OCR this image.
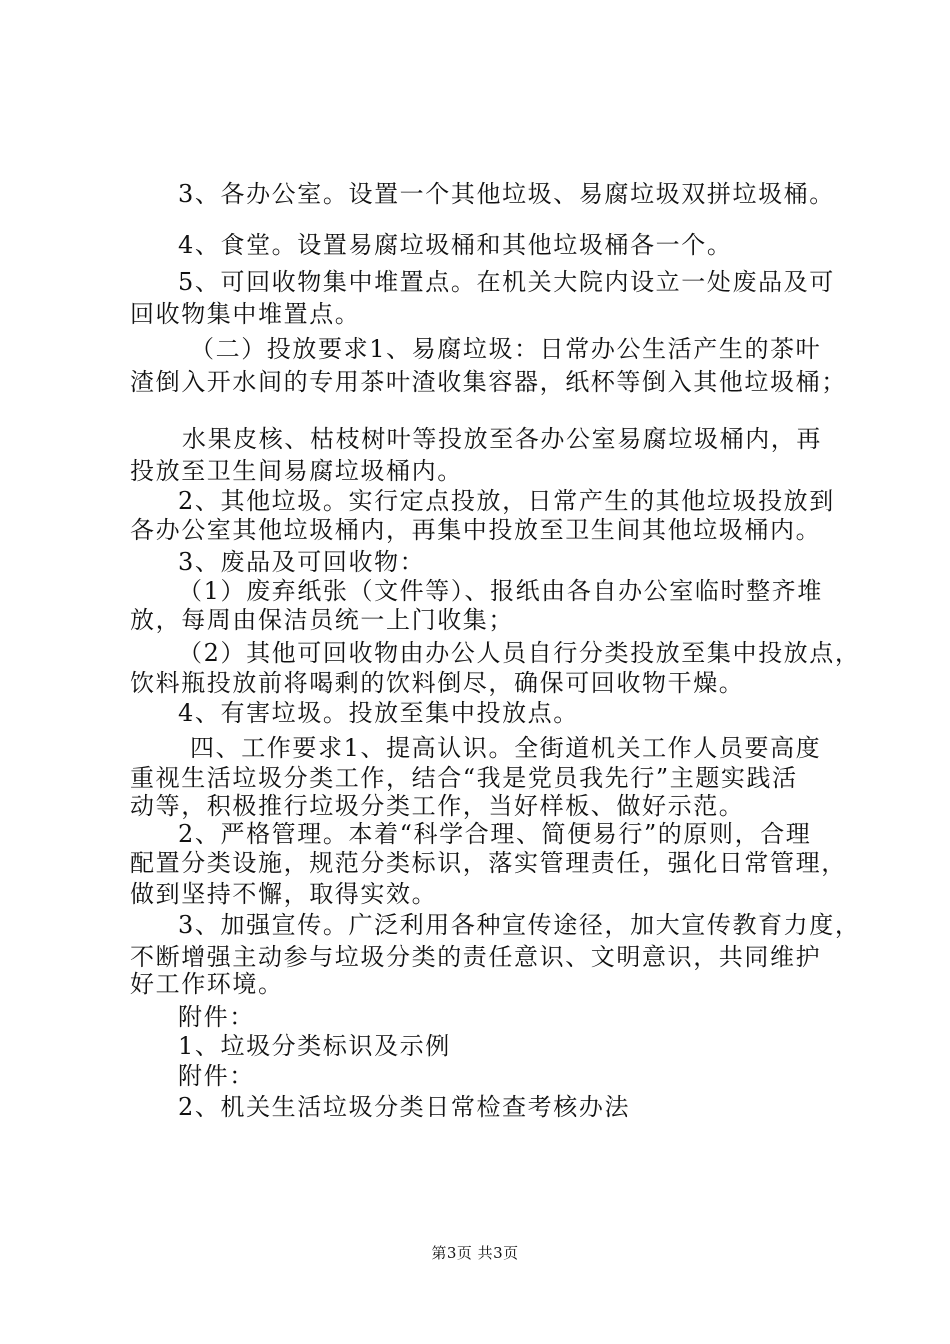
3、各办公室。设置一个其他垃圾、易腐垃圾双拼垃圾桶。
4、食堂。设置易腐垃圾桶和其他垃圾桶各一个。
5、可回收物集中堆置点。在机关大院内设立一处废品及可
回收物集中堆置点。
（二）投放要求1、易腐垃圾：日常办公生活产生的茶叶
渣倒入开水间的专用茶叶渣收集容器，纸杯等倒入其他垃圾桶；
水果皮核、枯枝树叶等投放至各办公室易腐垃圾桶内，再
投放至卫生间易腐垃圾桶内。
2、其他垃圾。实行定点投放，日常产生的其他垃圾投放到
各办公室其他垃圾桶内，再集中投放至卫生间其他垃圾桶内。
3、废品及可回收物：
（1）废弃纸张（文件等）、报纸由各自办公室临时整齐堆
放，每周由保洁员统一上门收集；
（2）其他可回收物由办公人员自行分类投放至集中投放点，
饮料瓶投放前将喝剩的饮料倒尽，确保可回收物干燥。
4、有害垃圾。投放至集中投放点。
四、工作要求1、提高认识。全街道机关工作人员要高度
重视生活垃圾分类工作，结合“我是党员我先行”主题实践活
动等，积极推行垃圾分类工作，当好样板、做好示范。
2、严格管理。本着“科学合理、简便易行”的原则，合理
配置分类设施，规范分类标识，落实管理责任，强化日常管理，
做到坚持不懈，取得实效。
3、加强宣传。广泛利用各种宣传途径，加大宣传教育力度，
不断增强主动参与垃圾分类的责任意识、文明意识，共同维护
好工作环境。
附件：
1、垃圾分类标识及示例
附件：
2、机关生活垃圾分类日常检查考核办法
第3页 共3页
